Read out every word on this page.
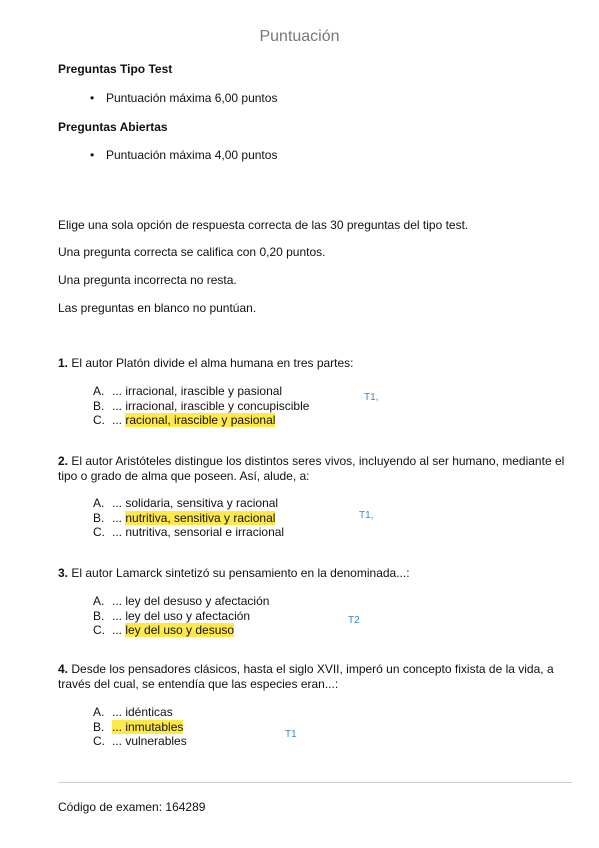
Puntuación
Preguntas Tipo Test
• Puntuación máxima 6,00 puntos
Preguntas Abiertas
• Puntuación máxima 4,00 puntos
Elige una sola opción de respuesta correcta de las 30 preguntas del tipo test.
Una pregunta correcta se califica con 0,20 puntos.
Una pregunta incorrecta no resta.
Las preguntas en blanco no puntúan.
1. El autor Platón divide el alma humana en tres partes:
A. ... irracional, irascible y pasional
B. ... irracional, irascible y concupiscible
C. ... racional, irascible y pasional
T1,
2. El autor Aristóteles distingue los distintos seres vivos, incluyendo al ser humano, mediante el tipo o grado de alma que poseen. Así, alude, a:
A. ... solidaria, sensitiva y racional
B. ... nutritiva, sensitiva y racional
C. ... nutritiva, sensorial e irracional
T1,
3. El autor Lamarck sintetizó su pensamiento en la denominada...:
A. ... ley del desuso y afectación
B. ... ley del uso y afectación
C. ... ley del uso y desuso
T2
4. Desde los pensadores clásicos, hasta el siglo XVII, imperó un concepto fixista de la vida, a través del cual, se entendía que las especies eran...:
A. ... idénticas
B. ... inmutables
C. ... vulnerables	T1
Código de examen: 164289
